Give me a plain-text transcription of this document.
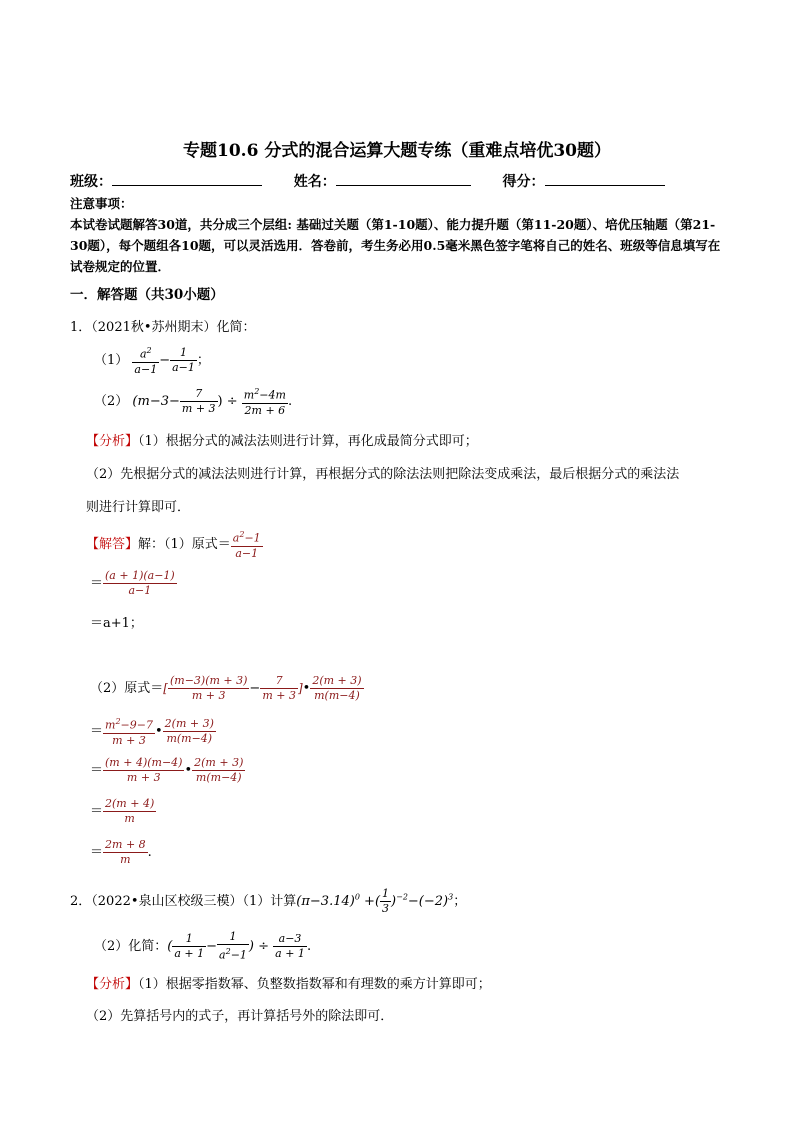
专题10.6 分式的混合运算大题专练（重难点培优30题）
班级：	姓名：	得分：
注意事项：
本试卷试题解答30道，共分成三个层组: 基础过关题（第1-10题）、能力提升题（第11-20题）、培优压轴题（第21-30题），每个题组各10题，可以灵活选用．答卷前，考生务必用0.5毫米黑色签字笔将自己的姓名、班级等信息填写在试卷规定的位置．
一．解答题（共30小题）
1．（2021秋•苏州期末）化简：
$(1) \frac{a^2}{a-1} - \frac{1}{a-1}$ ；
（2） ($m-3- \frac{7}{m + 3}$ ) ÷ $\frac{m^2-4m}{2m + 6}$ .
【分析】（1）根据分式的减法法则进行计算，再化成最简分式即可；
（2）先根据分式的减法法则进行计算，再根据分式的除法法则把除法变成乘法，最后根据分式的乘法法
则进行计算即可．
【解答】解：（1）原式＝ $\frac{a^2-1}{a-1}$
＝ $\frac{(a + 1)(a-1)}{a-1}$
＝a+1；
（2）原式＝[ $\frac{(m-3)(m + 3)}{m + 3} - \frac{7}{m + 3}$ ]• $\frac{2(m + 3)}{m(m-4)}$
＝ $\frac{m^2-9-7}{m + 3}$ • $\frac{2(m + 3)}{m(m-4)}$
＝ $\frac{(m + 4)(m-4)}{m + 3}$ • $\frac{2(m + 3)}{m(m-4)}$
＝ $\frac{2(m + 4)}{m}$
＝ $\frac{2m + 8}{m}$ .
2．（2022•泉山区校级三模）（1）计算$(\pi-3.14)^0$ +( $\frac{1}{3} )^{-2}-(-2)^3$；
（2）化简：( $\frac{1}{a + 1} - \frac{1}{a^2-1}$ ) ÷ $\frac{a-3}{a + 1}$ .
【分析】（1）根据零指数幂、负整数指数幂和有理数的乘方计算即可；
（2）先算括号内的式子，再计算括号外的除法即可．
